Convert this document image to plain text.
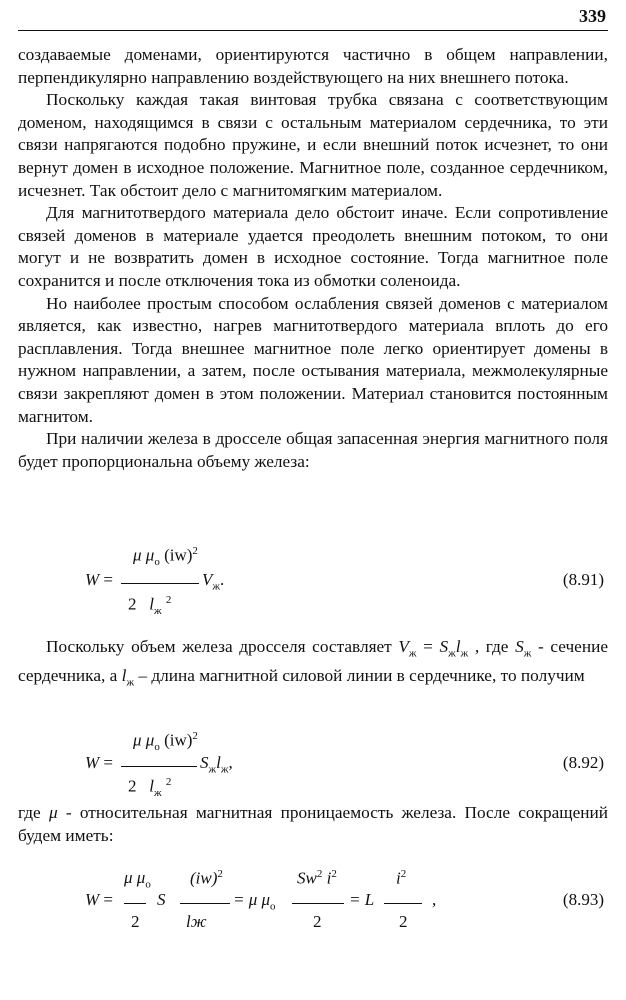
339

создаваемые доменами, ориентируются частично в общем направлении, перпендикулярно направлению воздействующего на них внешнего потока.

Поскольку каждая такая винтовая трубка связана с соответствующим доменом, находящимся в связи с остальным материалом сердечника, то эти связи напрягаются подобно пружине, и если внешний поток исчезнет, то они вернут домен в исходное положение. Магнитное поле, созданное сердечником, исчезнет. Так обстоит дело с магнитомягким материалом.

Для магнитотвердого материала дело обстоит иначе. Если сопротивление связей доменов в материале удается преодолеть внешним потоком, то они могут и не возвратить домен в исходное состояние. Тогда магнитное поле сохранится и после отключения тока из обмотки соленоида.

Но наиболее простым способом ослабления связей доменов с материалом является, как известно, нагрев магнитотвердого материала вплоть до его расплавления. Тогда внешнее магнитное поле легко ориентирует домены в нужном направлении, а затем, после остывания материала, межмолекулярные связи закрепляют домен в этом положении. Материал становится постоянным магнитом.

При наличии железа в дросселе общая запасенная энергия магнитного поля будет пропорциональна объему железа:

μ $\mu_о$ (iw)$^2$
W =	$V_ж$.
2 $l_ж$ $^2$
(8.91)
Поскольку объем железа дросселя составляет $V_ж = S_жl_ж$ , где $S_ж$ - сечение сердечника, а $l_ж$ – длина магнитной силовой линии в сердечнике, то получим
μ $\mu_о$ (iw)$^2$
W =	$S_жl_ж$,
2 $l_ж$ $^2$
(8.92)
где μ - относительная магнитная проницаемость железа. После сокращений будем иметь:
W =
μ $\mu_о$
2
S
(iw)$^2$
lж
= μ $\mu_о$
Sw$^2$ $i^2$
2
= L
$i^2$
2
,	(8.93)
